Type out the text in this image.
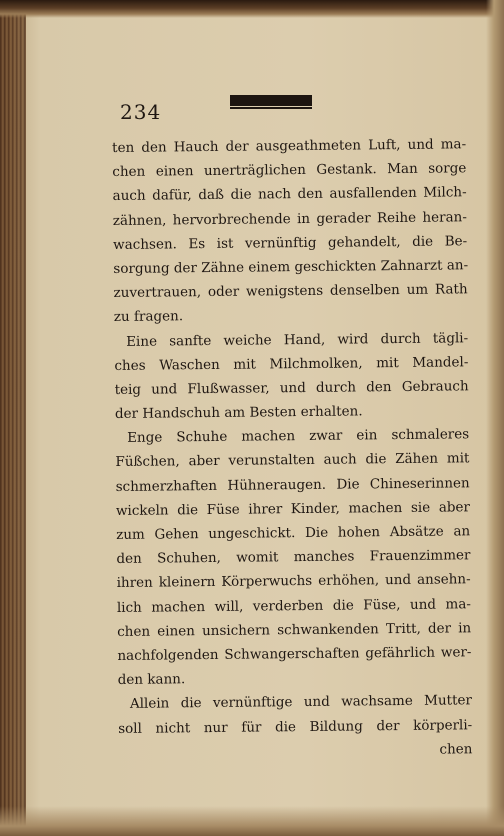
234
ten den Hauch der ausgeathmeten Luft, und ma-
chen einen unerträglichen Gestank. Man sorge
auch dafür, daß die nach den ausfallenden Milch-
zähnen, hervorbrechende in gerader Reihe heran-
wachsen. Es ist vernünftig gehandelt, die Be-
sorgung der Zähne einem geschickten Zahnarzt an-
zuvertrauen, oder wenigstens denselben um Rath
zu fragen.
Eine sanfte weiche Hand, wird durch tägli-
ches Waschen mit Milchmolken, mit Mandel-
teig und Flußwasser, und durch den Gebrauch
der Handschuh am Besten erhalten.
Enge Schuhe machen zwar ein schmaleres
Füßchen, aber verunstalten auch die Zähen mit
schmerzhaften Hühneraugen. Die Chineserinnen
wickeln die Füse ihrer Kinder, machen sie aber
zum Gehen ungeschickt. Die hohen Absätze an
den Schuhen, womit manches Frauenzimmer
ihren kleinern Körperwuchs erhöhen, und ansehn-
lich machen will, verderben die Füse, und ma-
chen einen unsichern schwankenden Tritt, der in
nachfolgenden Schwangerschaften gefährlich wer-
den kann.
Allein die vernünftige und wachsame Mutter
soll nicht nur für die Bildung der körperli-
chen
